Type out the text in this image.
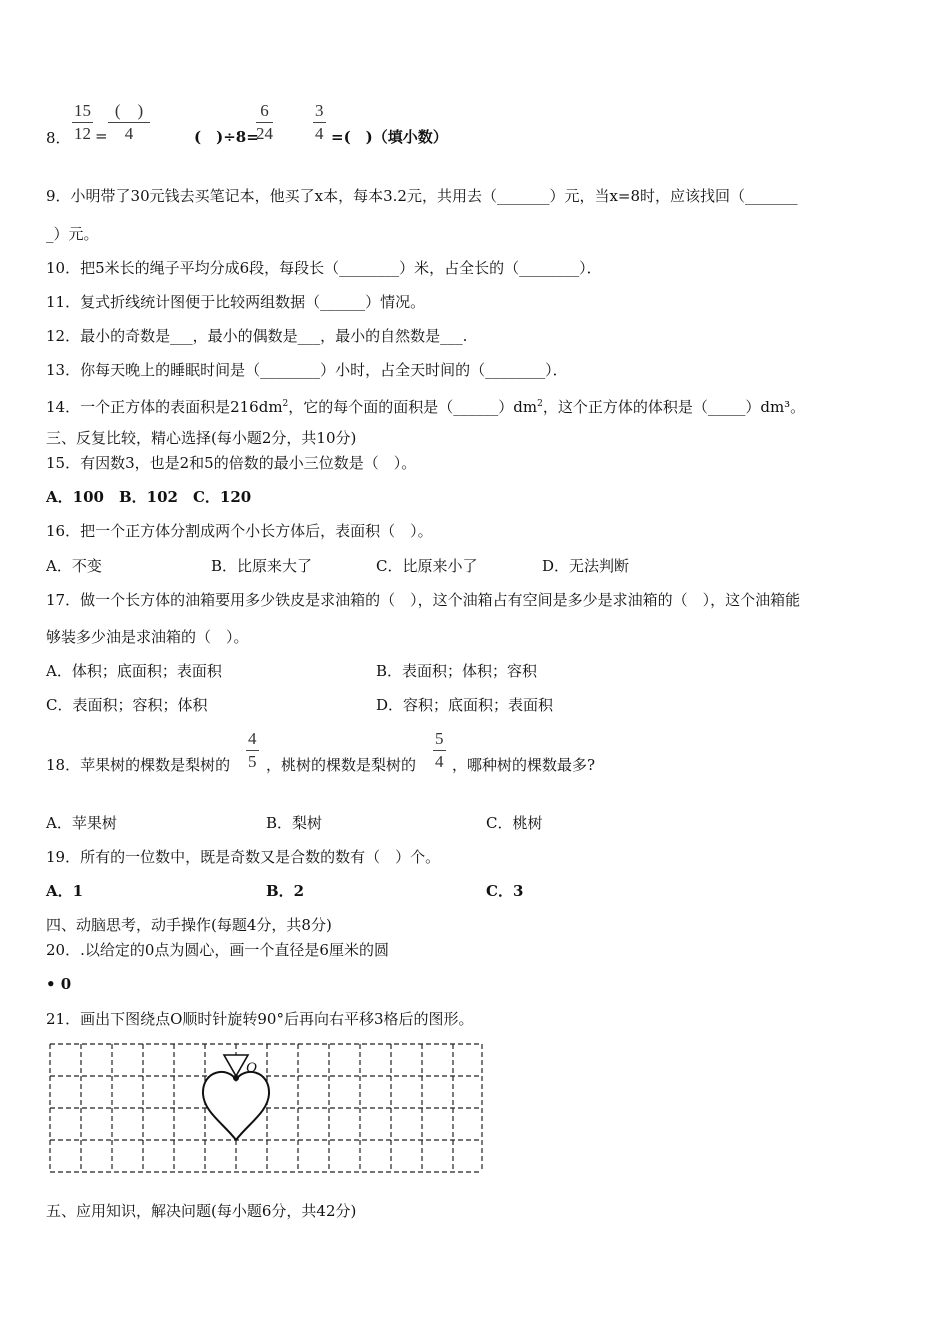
8． $\frac{15}{12}$ =
(　)
4	(　)÷8=
$\frac{6}{24} \frac{3}{4}$ =(　)（填小数）
9．小明带了30元钱去买笔记本，他买了x本，每本3.2元，共用去（_______）元，当x=8时，应该找回（_______
_）元。
10．把5米长的绳子平均分成6段，每段长（________）米，占全长的（________）．
11．复式折线统计图便于比较两组数据（______）情况。
12．最小的奇数是___，最小的偶数是___，最小的自然数是___.
13．你每天晚上的睡眠时间是（________）小时，占全天时间的（________）．
14．一个正方体的表面积是$216dm^2$，它的每个面的面积是$(\_\_\_\_\_\_)dm^2$，这个正方体的体积是（_____）dm³。
三、反复比较，精心选择(每小题2分，共10分)
15．有因数3，也是2和5的倍数的最小三位数是（　）。
A．100　B．102　C．120
16．把一个正方体分割成两个小长方体后，表面积（　）。
A．不变	B．比原来大了	C．比原来小了	D．无法判断
17．做一个长方体的油箱要用多少铁皮是求油箱的（　），这个油箱占有空间是多少是求油箱的（　），这个油箱能
够装多少油是求油箱的（　）。
A．体积；底面积；表面积	B．表面积；体积；容积
C．表面积；容积；体积	D．容积；底面积；表面积
18．苹果树的棵数是梨树的 $\frac{4}{5}$ ，桃树的棵数是梨树的 $\frac{5}{4}$ ，哪种树的棵数最多?
A．苹果树	B．梨树	C．桃树
19．所有的一位数中，既是奇数又是合数的数有（　）个。
A．1	B．2	C．3
四、动脑思考，动手操作(每题4分，共8分)
20．.以给定的0点为圆心，画一个直径是6厘米的圆
• 0
21．画出下图绕点O顺时针旋转90°后再向右平移3格后的图形。
O
五、应用知识，解决问题(每小题6分，共42分)
